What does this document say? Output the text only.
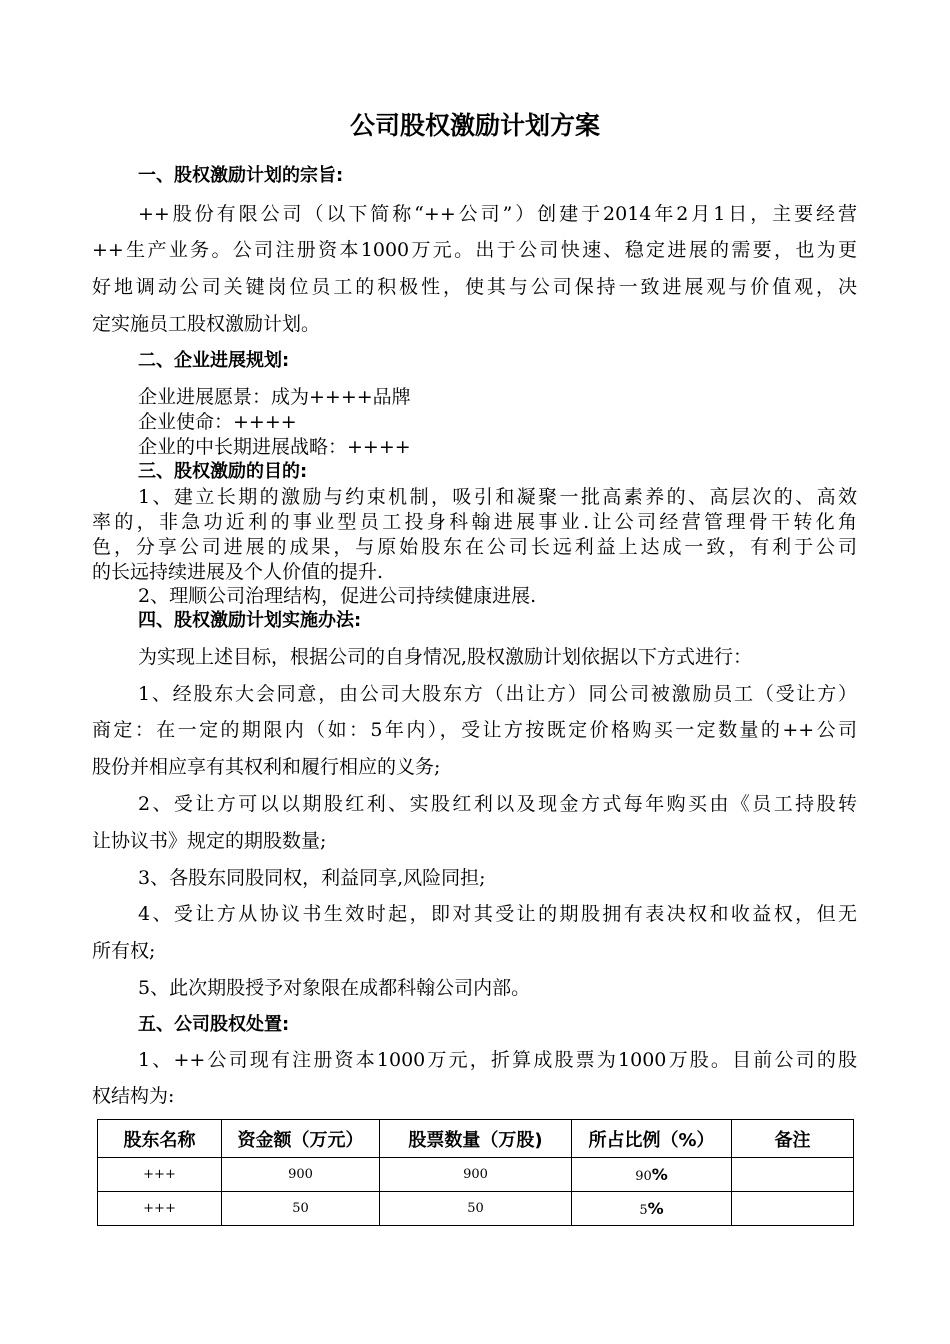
公司股权激励计划方案
一、股权激励计划的宗旨:
++股份有限公司（以下简称“++公司”）创建于2014年2月1日，主要经营
++生产业务。公司注册资本1000万元。出于公司快速、稳定进展的需要，也为更
好地调动公司关键岗位员工的积极性，使其与公司保持一致进展观与价值观，决
定实施员工股权激励计划。
二、企业进展规划:
企业进展愿景：成为++++品牌
企业使命：++++
企业的中长期进展战略：++++
三、股权激励的目的:
1、建立长期的激励与约束机制，吸引和凝聚一批高素养的、高层次的、高效
率的，非急功近利的事业型员工投身科翰进展事业.让公司经营管理骨干转化角
色，分享公司进展的成果，与原始股东在公司长远利益上达成一致，有利于公司
的长远持续进展及个人价值的提升.
2、理顺公司治理结构，促进公司持续健康进展.
四、股权激励计划实施办法:
为实现上述目标，根据公司的自身情况,股权激励计划依据以下方式进行：
1、经股东大会同意，由公司大股东方（出让方）同公司被激励员工（受让方）
商定：在一定的期限内（如：5年内），受让方按既定价格购买一定数量的++公司
股份并相应享有其权利和履行相应的义务;
2、受让方可以以期股红利、实股红利以及现金方式每年购买由《员工持股转
让协议书》规定的期股数量;
3、各股东同股同权，利益同享,风险同担;
4、受让方从协议书生效时起，即对其受让的期股拥有表决权和收益权，但无
所有权;
5、此次期股授予对象限在成都科翰公司内部。
五、公司股权处置:
1、++公司现有注册资本1000万元，折算成股票为1000万股。目前公司的股
权结构为:
股东名称	资金额（万元）	股票数量（万股)	所占比例（%）	备注
+++	900	900	90%	
+++	50	50	5%	
